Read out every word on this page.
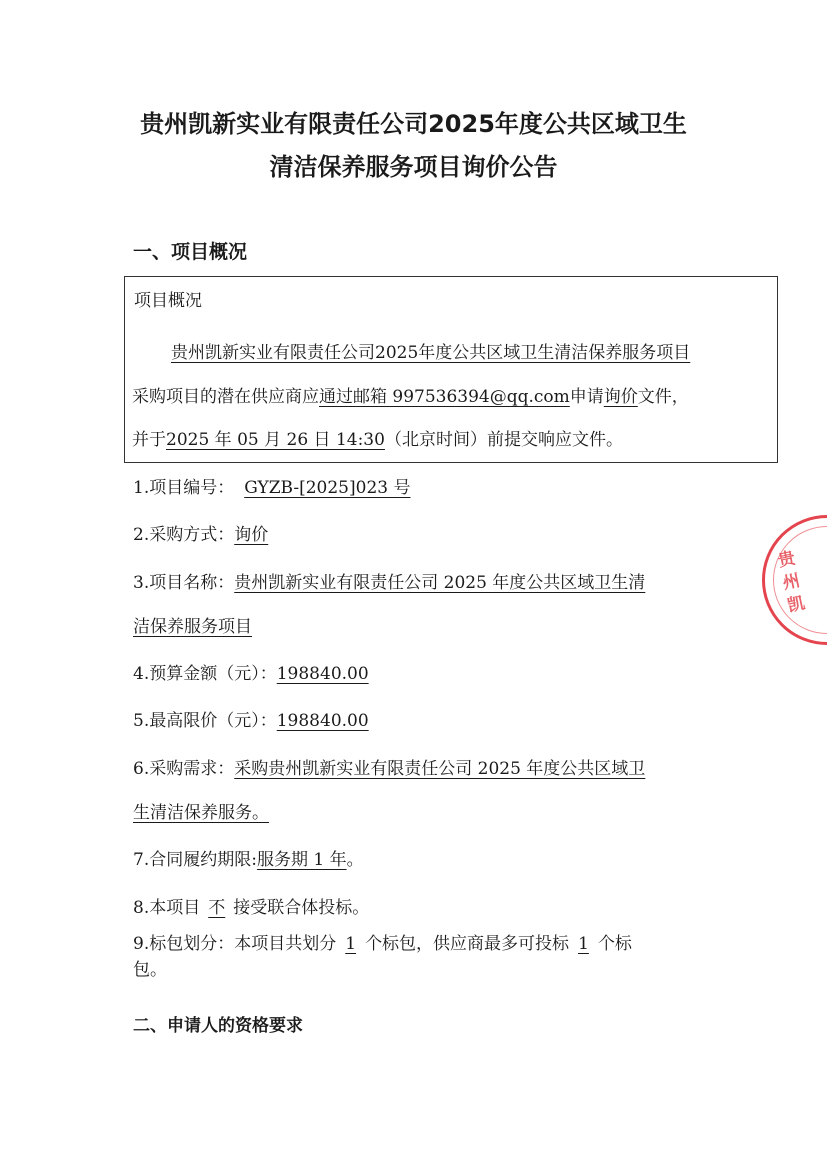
贵州凯新实业有限责任公司2025年度公共区域卫生
清洁保养服务项目询价公告
一、项目概况
项目概况
贵州凯新实业有限责任公司2025年度公共区域卫生清洁保养服务项目
采购项目的潜在供应商应通过邮箱 997536394@qq.com申请询价文件，
并于2025 年 05 月 26 日 14:30（北京时间）前提交响应文件。
1.项目编号： GYZB-[2025]023 号
2.采购方式：询价
3.项目名称：贵州凯新实业有限责任公司 2025 年度公共区域卫生清
洁保养服务项目
4.预算金额（元）：198840.00
5.最高限价（元）：198840.00
6.采购需求：采购贵州凯新实业有限责任公司 2025 年度公共区域卫
生清洁保养服务。
7.合同履约期限:服务期 1 年。
8.本项目 不 接受联合体投标。
9.标包划分：本项目共划分 1 个标包，供应商最多可投标 1 个标
包。
二、申请人的资格要求
贵州凯
